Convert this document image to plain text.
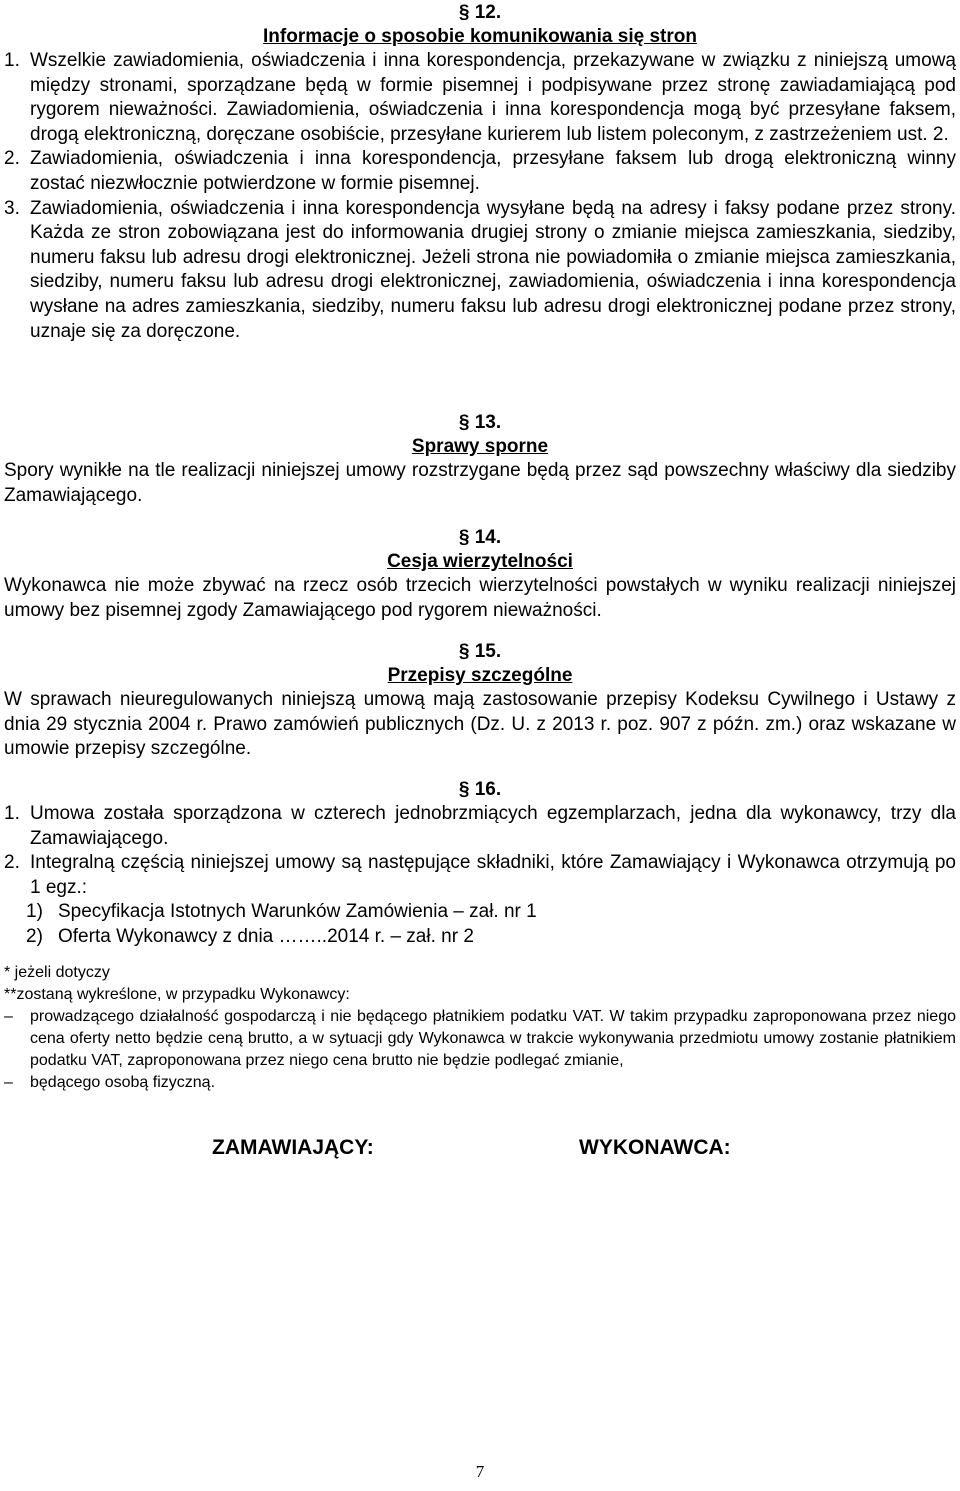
§ 12.
Informacje o sposobie komunikowania się stron
1. Wszelkie zawiadomienia, oświadczenia i inna korespondencja, przekazywane w związku z niniejszą umową między stronami, sporządzane będą w formie pisemnej i podpisywane przez stronę zawiadamiającą pod rygorem nieważności. Zawiadomienia, oświadczenia i inna korespondencja mogą być przesyłane faksem, drogą elektroniczną, doręczane osobiście, przesyłane kurierem lub listem poleconym, z zastrzeżeniem ust. 2.
2. Zawiadomienia, oświadczenia i inna korespondencja, przesyłane faksem lub drogą elektroniczną winny zostać niezwłocznie potwierdzone w formie pisemnej.
3. Zawiadomienia, oświadczenia i inna korespondencja wysyłane będą na adresy i faksy podane przez strony. Każda ze stron zobowiązana jest do informowania drugiej strony o zmianie miejsca zamieszkania, siedziby, numeru faksu lub adresu drogi elektronicznej. Jeżeli strona nie powiadomiła o zmianie miejsca zamieszkania, siedziby, numeru faksu lub adresu drogi elektronicznej, zawiadomienia, oświadczenia i inna korespondencja wysłane na adres zamieszkania, siedziby, numeru faksu lub adresu drogi elektronicznej podane przez strony, uznaje się za doręczone.
§ 13.
Sprawy sporne
Spory wynikłe na tle realizacji niniejszej umowy rozstrzygane będą przez sąd powszechny właściwy dla siedziby Zamawiającego.
§ 14.
Cesja wierzytelności
Wykonawca nie może zbywać na rzecz osób trzecich wierzytelności powstałych w wyniku realizacji niniejszej umowy bez pisemnej zgody Zamawiającego pod rygorem nieważności.
§ 15.
Przepisy szczególne
W sprawach nieuregulowanych niniejszą umową mają zastosowanie przepisy Kodeksu Cywilnego i Ustawy z dnia 29 stycznia 2004 r. Prawo zamówień publicznych (Dz. U. z 2013 r. poz. 907 z późn. zm.) oraz wskazane w umowie przepisy szczególne.
§ 16.
1. Umowa została sporządzona w czterech jednobrzmiących egzemplarzach, jedna dla wykonawcy, trzy dla Zamawiającego.
2. Integralną częścią niniejszej umowy są następujące składniki, które Zamawiający i Wykonawca otrzymują po 1 egz.:
1) Specyfikacja Istotnych Warunków Zamówienia – zał. nr 1
2) Oferta Wykonawcy z dnia ……..2014 r. – zał. nr 2
* jeżeli dotyczy
**zostaną wykreślone, w przypadku Wykonawcy:
–	prowadzącego działalność gospodarczą i nie będącego płatnikiem podatku VAT. W takim przypadku zaproponowana przez niego cena oferty netto będzie ceną brutto, a w sytuacji gdy Wykonawca w trakcie wykonywania przedmiotu umowy zostanie płatnikiem podatku VAT, zaproponowana przez niego cena brutto nie będzie podlegać zmianie,
–	będącego osobą fizyczną.
ZAMAWIAJĄCY:	WYKONAWCA:
7
